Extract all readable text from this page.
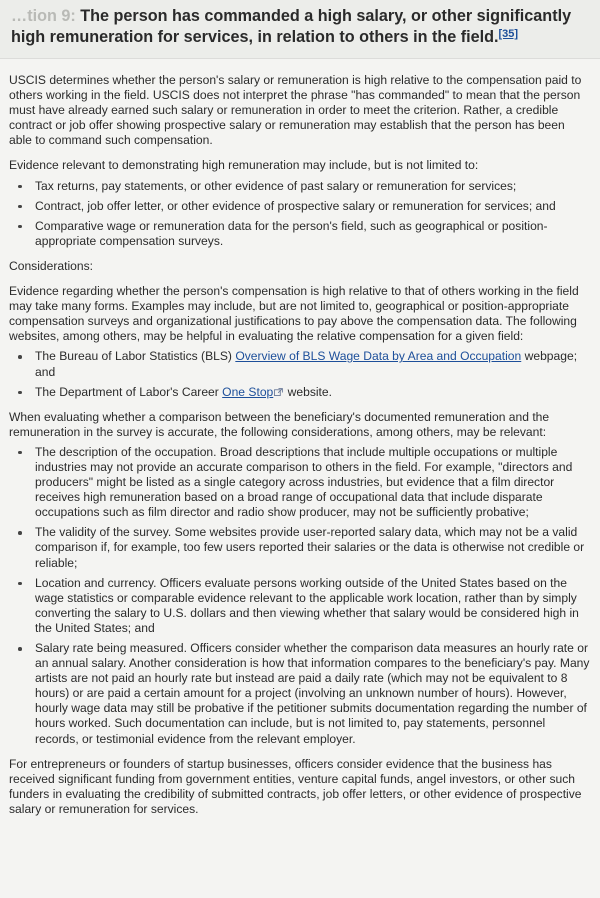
…tion 9: The person has commanded a high salary, or other significantly high remuneration for services, in relation to others in the field.[35]

USCIS determines whether the person's salary or remuneration is high relative to the compensation paid to others working in the field. USCIS does not interpret the phrase "has commanded" to mean that the person must have already earned such salary or remuneration in order to meet the criterion. Rather, a credible contract or job offer showing prospective salary or remuneration may establish that the person has been able to command such compensation.

Evidence relevant to demonstrating high remuneration may include, but is not limited to:

Tax returns, pay statements, or other evidence of past salary or remuneration for services;
Contract, job offer letter, or other evidence of prospective salary or remuneration for services; and
Comparative wage or remuneration data for the person's field, such as geographical or position-appropriate compensation surveys.

Considerations:

Evidence regarding whether the person's compensation is high relative to that of others working in the field may take many forms. Examples may include, but are not limited to, geographical or position-appropriate compensation surveys and organizational justifications to pay above the compensation data. The following websites, among others, may be helpful in evaluating the relative compensation for a given field:

The Bureau of Labor Statistics (BLS) Overview of BLS Wage Data by Area and Occupation webpage; and
The Department of Labor's Career One Stop website.

When evaluating whether a comparison between the beneficiary's documented remuneration and the remuneration in the survey is accurate, the following considerations, among others, may be relevant:

The description of the occupation. Broad descriptions that include multiple occupations or multiple industries may not provide an accurate comparison to others in the field. For example, "directors and producers" might be listed as a single category across industries, but evidence that a film director receives high remuneration based on a broad range of occupational data that include disparate occupations such as film director and radio show producer, may not be sufficiently probative;
The validity of the survey. Some websites provide user-reported salary data, which may not be a valid comparison if, for example, too few users reported their salaries or the data is otherwise not credible or reliable;
Location and currency. Officers evaluate persons working outside of the United States based on the wage statistics or comparable evidence relevant to the applicable work location, rather than by simply converting the salary to U.S. dollars and then viewing whether that salary would be considered high in the United States; and
Salary rate being measured. Officers consider whether the comparison data measures an hourly rate or an annual salary. Another consideration is how that information compares to the beneficiary's pay. Many artists are not paid an hourly rate but instead are paid a daily rate (which may not be equivalent to 8 hours) or are paid a certain amount for a project (involving an unknown number of hours). However, hourly wage data may still be probative if the petitioner submits documentation regarding the number of hours worked. Such documentation can include, but is not limited to, pay statements, personnel records, or testimonial evidence from the relevant employer.

For entrepreneurs or founders of startup businesses, officers consider evidence that the business has received significant funding from government entities, venture capital funds, angel investors, or other such funders in evaluating the credibility of submitted contracts, job offer letters, or other evidence of prospective salary or remuneration for services.
